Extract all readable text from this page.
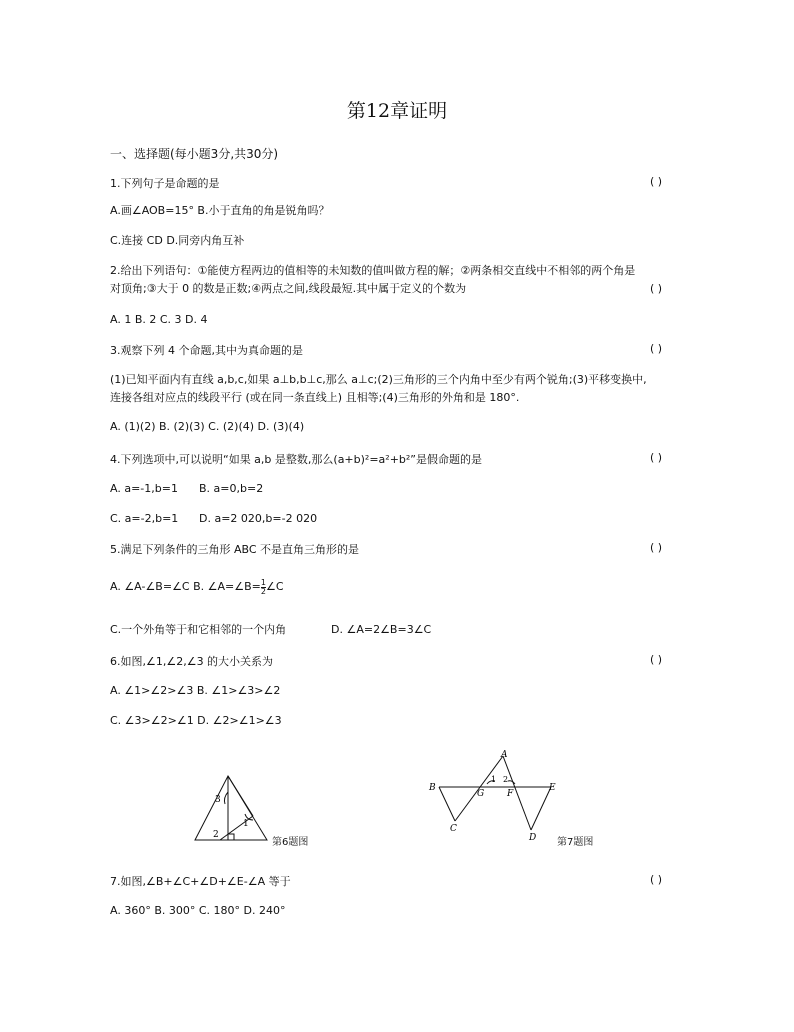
第12章证明
一、选择题(每小题3分,共30分)
1.下列句子是命题的是	( )
A.画∠AOB=15° B.小于直角的角是锐角吗？
C.连接 CD D.同旁内角互补
2.给出下列语句：①能使方程两边的值相等的未知数的值叫做方程的解；②两条相交直线中不相邻的两个角是
对顶角;③大于 0 的数是正数;④两点之间,线段最短.其中属于定义的个数为	( )
A. 1 B. 2 C. 3 D. 4
3.观察下列 4 个命题,其中为真命题的是	( )
(1)已知平面内有直线 a,b,c,如果 a⊥b,b⊥c,那么 a⊥c;(2)三角形的三个内角中至少有两个锐角;(3)平移变换中,
连接各组对应点的线段平行 (或在同一条直线上) 且相等;(4)三角形的外角和是 180°.
A. (1)(2) B. (2)(3) C. (2)(4) D. (3)(4)
4.下列选项中,可以说明“如果 a,b 是整数,那么(a+b)²=a²+b²”是假命题的是	( )
A. a=-1,b=1	B. a=0,b=2
C. a=-2,b=1	D. a=2 020,b=-2 020
5.满足下列条件的三角形 ABC 不是直角三角形的是	( )
A. ∠A-∠B=∠C B. ∠A=∠B= $\frac{1}{2}$ ∠C
C.一个外角等于和它相邻的一个内角	D. ∠A=2∠B=3∠C
6.如图,∠1,∠2,∠3 的大小关系为	( )
A. ∠1>∠2>∠3 B. ∠1>∠3>∠2
C. ∠3>∠2>∠1 D. ∠2>∠1>∠3
3
2
1
第6题图
A
B
C
D
E
F
G
1 2
第7题图
7.如图,∠B+∠C+∠D+∠E-∠A 等于	( )
A. 360° B. 300° C. 180° D. 240°
